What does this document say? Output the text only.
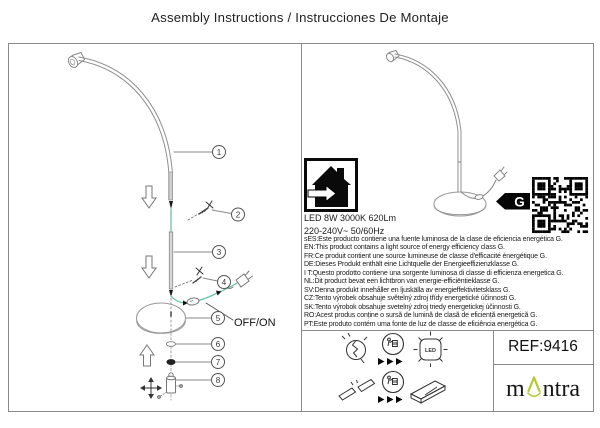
Assembly Instructions / Instrucciones De Montaje
OFF/ON
1
2
3
4
5
6
7
8
G
LED
LED 8W 3000K 620Lm
220-240V~ 50/60Hz
sES:Este producto contiene una fuente luminosa de la clase de eficiencia energética G.
EN:This product contains a light source of energy efficiency class G.
FR:Ce produit contient une source lumineuse de classe d'efficacité énergétique G.
DE:Dieses Produkt enthält eine Lichtquelle der Energieeffizienzklasse G.
I T:Questo prodotto contiene una sorgente luminosa di classe di efficienza energetica G.
NL:Dit product bevat een lichtbron van energie-efficiëntieklasse G.
SV:Denna produkt innehåller en ljuskälla av energieffektivitetsklass G.
CZ:Tento výrobek obsahuje světelný zdroj třídy energetické účinnosti G.
SK:Tento výrobok obsahuje svetelný zdroj triedy energetickej účinnosti G.
RO:Acest produs conține o sursă de lumină de clasă de eficiență energetică G.
PT:Este produto contém uma fonte de luz de classe de eficiência energética G.
REF:9416
m ntra
